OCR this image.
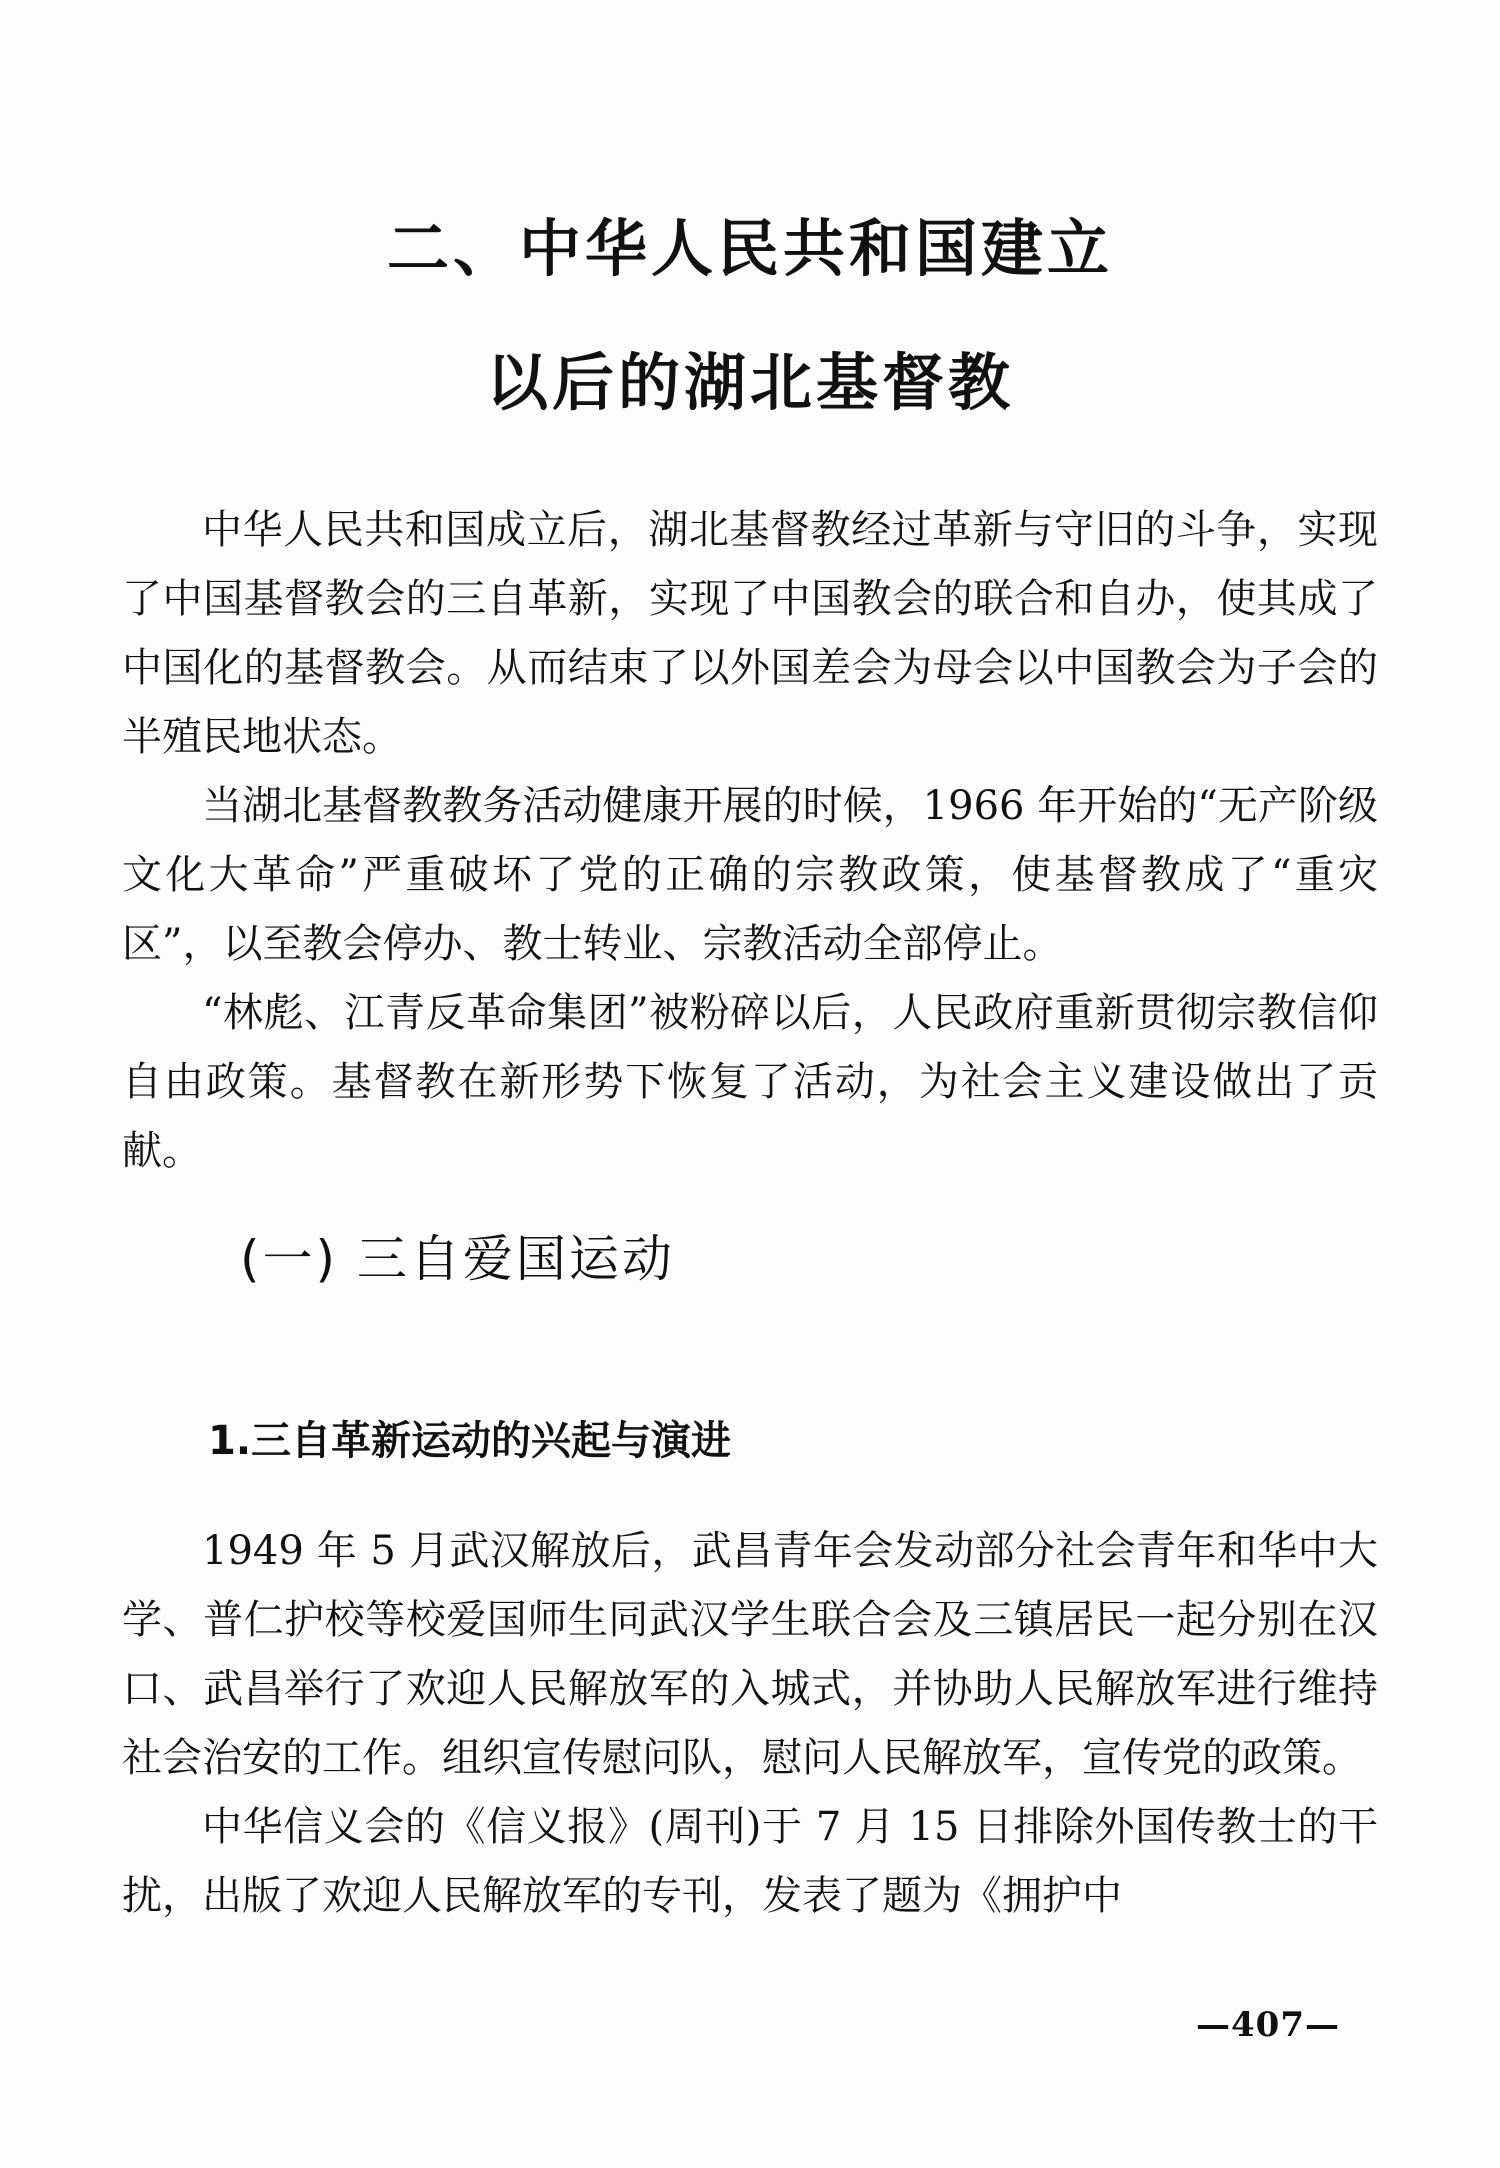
二、中华人民共和国建立
以后的湖北基督教

中华人民共和国成立后，湖北基督教经过革新与守旧的斗争，实现了中国基督教会的三自革新，实现了中国教会的联合和自办，使其成了中国化的基督教会。从而结束了以外国差会为母会以中国教会为子会的半殖民地状态。

当湖北基督教教务活动健康开展的时候，1966 年开始的“无产阶级文化大革命”严重破坏了党的正确的宗教政策，使基督教成了“重灾区”，以至教会停办、教士转业、宗教活动全部停止。

“林彪、江青反革命集团”被粉碎以后，人民政府重新贯彻宗教信仰自由政策。基督教在新形势下恢复了活动，为社会主义建设做出了贡献。

(一) 三自爱国运动
1.三自革新运动的兴起与演进

1949 年 5 月武汉解放后，武昌青年会发动部分社会青年和华中大学、普仁护校等校爱国师生同武汉学生联合会及三镇居民一起分别在汉口、武昌举行了欢迎人民解放军的入城式，并协助人民解放军进行维持社会治安的工作。组织宣传慰问队，慰问人民解放军，宣传党的政策。

中华信义会的《信义报》(周刊)于 7 月 15 日排除外国传教士的干扰，出版了欢迎人民解放军的专刊，发表了题为《拥护中

—407—
